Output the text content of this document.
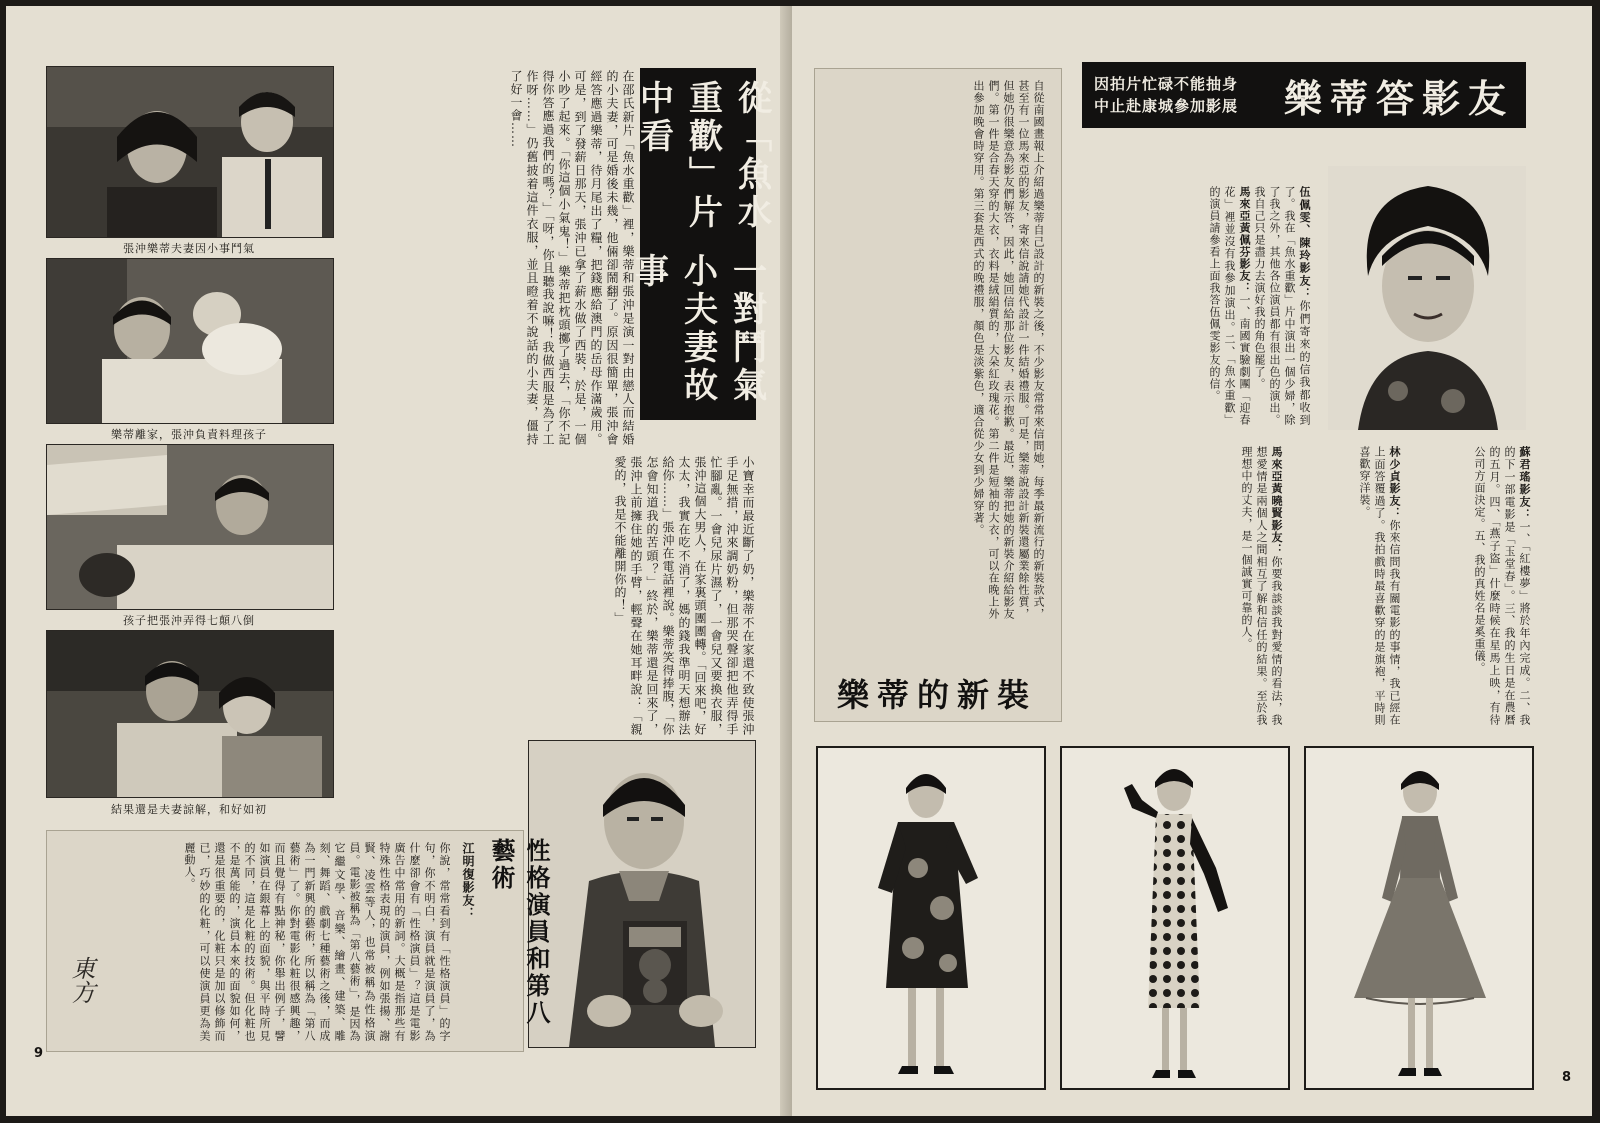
張沖樂蒂夫妻因小事鬥氣
樂蒂離家，張沖負責料理孩子
孩子把張沖弄得七顛八倒
結果還是夫妻諒解，和好如初
在邵氏新片「魚水重歡」裡，樂蒂和張沖是演一對由戀人而結婚的小夫妻，可是婚後未幾，他倆卻鬧翻了。原因很簡單，張沖會經答應過樂蒂，待月尾出了糧，把錢應給澳門的岳母作滿歲用。可是，到了發薪日那天，張沖已拿了薪水做了西裝，於是，一個小吵了起來。「你這個小氣鬼！」樂蒂把枕頭擲了過去，「你不記得你答應過我們的嗎？」「呀，你且聽我說嘛！我做西服是為了工作呀……」仍舊披着這件衣服，並且瞪着不說話的小夫妻，僵持了好一會……	從「魚水重歡」片中看
一對鬥氣小夫妻故事
小寶幸而最近斷了奶，樂蒂不在家還不致使張沖手足無措，沖來調奶粉，但那哭聲卻把他弄得手忙腳亂。一會兒尿片濕了，一會兒又要換衣服，張沖這個大男人，在家裏頭團團轉。「回來吧，好太太，我實在吃不消了，媽的錢我準明天想辦法給你……」張沖在電話裡說。樂蒂笑得捧腹，「你怎會知道我的苦頭？」終於，樂蒂還是回來了，張沖上前擁住她的手臂，輕聲在她耳畔說：「親愛的，我是不能離開你的！」
性格演員和第八藝術
江明復影友：
你說，常常看到有「性格演員」的字句，你不明白，演員就是演員了，為什麼卻會有「性格演員」？這是電影廣告中常用的新詞。大概是指那些有特殊性格表現的演員，例如張揚、謝賢、凌雲等人，也常被稱為性格演員。電影被稱為「第八藝術」，是因為它繼文學、音樂、繪畫、建築、雕刻、舞蹈、戲劇七種藝術之後，而成為一門新興的藝術，所以稱為「第八藝術」了。你對電影化粧很感興趣，而且覺得有點神秘，你舉出例子，譬如演員在銀幕上的面貌，與平時所見的不同，這是化粧的技術。但化粧也不是萬能的，演員本來的面貌如何，還是很重要的，化粧只是加以修飾而已，巧妙的化粧，可以使演員更為美麗動人。
東方
9
因拍片忙碌不能抽身
中止赴康城參加影展 樂蒂答影友
伍佩雯、陳玲影友：你們寄來的信我都收到了。我在「魚水重歡」片中演出一個少婦，除了我之外，其他各位演員都有很出色的演出。我自己只是盡力去演好我的角色罷了。
馬來亞黃佩芬影友：一、南國實驗劇團「迎春花」裡並沒有我參加演出。二、「魚水重歡」的演員請參看上面我答伍佩雯影友的信。
蘇君瑤影友：一、「紅樓夢」將於年內完成。二、我的下一部電影是「玉堂春」。三、我的生日是在農曆的五月。四、「燕子盜」什麼時候在星馬上映，有待公司方面決定。五、我的真姓名是奚重儀。
林少貞影友：你來信問我有關電影的事情，我已經在上面答覆過了。我拍戲時最喜歡穿的是旗袍，平時則喜歡穿洋裝。
馬來亞黃曉賢影友：你要我談談我對愛情的看法，我想愛情是兩個人之間相互了解和信任的結果。至於我理想中的丈夫，是一個誠實可靠的人。
自從南國畫報上介紹過樂蒂自己設計的新裝之後，不少影友常常來信問她，每季最新流行的新裝款式，甚至有一位馬來亞的影友，寄來信說請她代設計一件結婚禮服。可是，樂蒂說設計新裝還屬業餘性質，但她仍很樂意為影友們解答，因此，她回信給那位影友，表示抱歉。最近，樂蒂把她的新裝介紹給影友們。第一件是合春天穿的大衣，衣料是絨絹質的，大朵紅玫瑰花。第二件是短袖的大衣，可以在晚上外出參加晚會時穿用。第三套是西式的晚禮服，顏色是淡紫色，適合從少女到少婦穿著。
樂蒂的新裝
8
